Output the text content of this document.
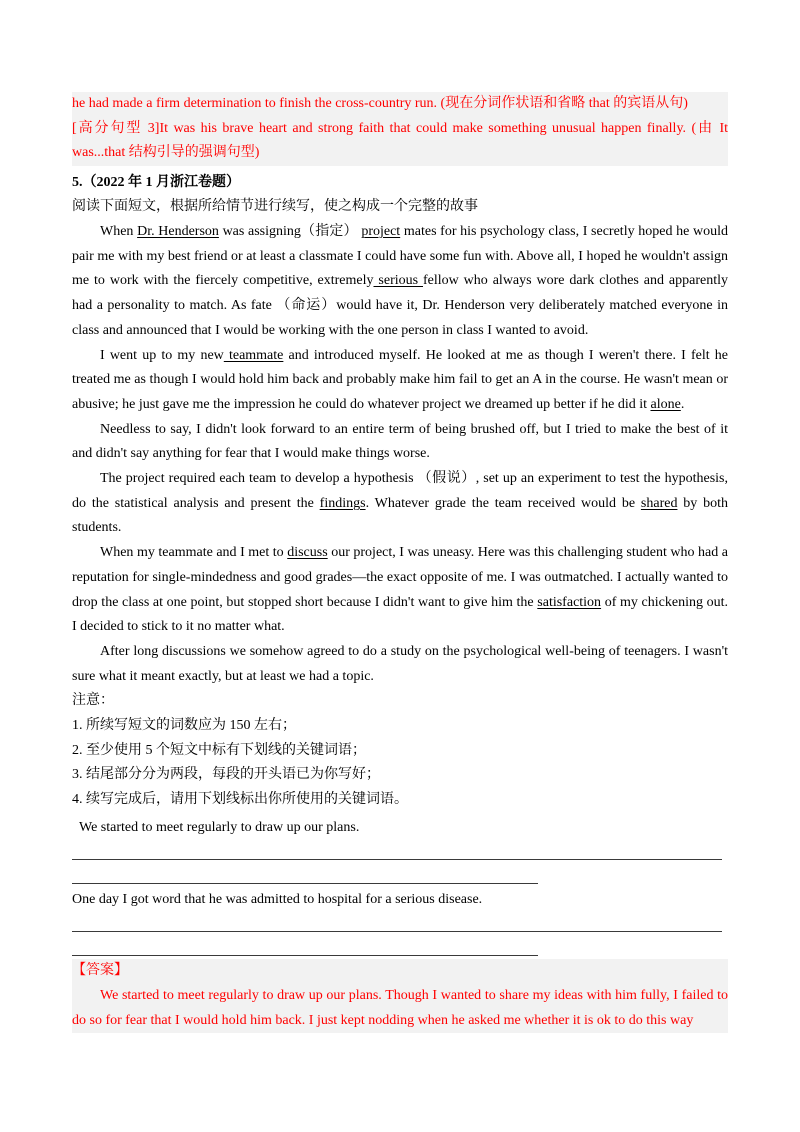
he had made a firm determination to finish the cross-country run. (现在分词作状语和省略 that 的宾语从句)

[高分句型 3]It was his brave heart and strong faith that could make something unusual happen finally. (由 It was...that 结构引导的强调句型)

5.（2022 年 1 月浙江卷题）
阅读下面短文，根据所给情节进行续写，使之构成一个完整的故事

When Dr. Henderson was assigning（指定） project mates for his psychology class, I secretly hoped he would pair me with my best friend or at least a classmate I could have some fun with. Above all, I hoped he wouldn't assign me to work with the fiercely competitive, extremely serious fellow who always wore dark clothes and apparently had a personality to match. As fate （命运）would have it, Dr. Henderson very deliberately matched everyone in class and announced that I would be working with the one person in class I wanted to avoid.

I went up to my new teammate and introduced myself. He looked at me as though I weren't there. I felt he treated me as though I would hold him back and probably make him fail to get an A in the course. He wasn't mean or abusive; he just gave me the impression he could do whatever project we dreamed up better if he did it alone.

Needless to say, I didn't look forward to an entire term of being brushed off, but I tried to make the best of it and didn't say anything for fear that I would make things worse.

The project required each team to develop a hypothesis （假说）, set up an experiment to test the hypothesis, do the statistical analysis and present the findings. Whatever grade the team received would be shared by both students.

When my teammate and I met to discuss our project, I was uneasy. Here was this challenging student who had a reputation for single-mindedness and good grades—the exact opposite of me. I was outmatched. I actually wanted to drop the class at one point, but stopped short because I didn't want to give him the satisfaction of my chickening out. I decided to stick to it no matter what.

After long discussions we somehow agreed to do a study on the psychological well-being of teenagers. I wasn't sure what it meant exactly, but at least we had a topic.

注意：
1. 所续写短文的词数应为 150 左右；
2. 至少使用 5 个短文中标有下划线的关键词语；
3. 结尾部分分为两段，每段的开头语已为你写好；
4. 续写完成后，请用下划线标出你所使用的关键词语。
We started to meet regularly to draw up our plans.
One day I got word that he was admitted to hospital for a serious disease.
【答案】

We started to meet regularly to draw up our plans. Though I wanted to share my ideas with him fully, I failed to do so for fear that I would hold him back. I just kept nodding when he asked me whether it is ok to do this way
